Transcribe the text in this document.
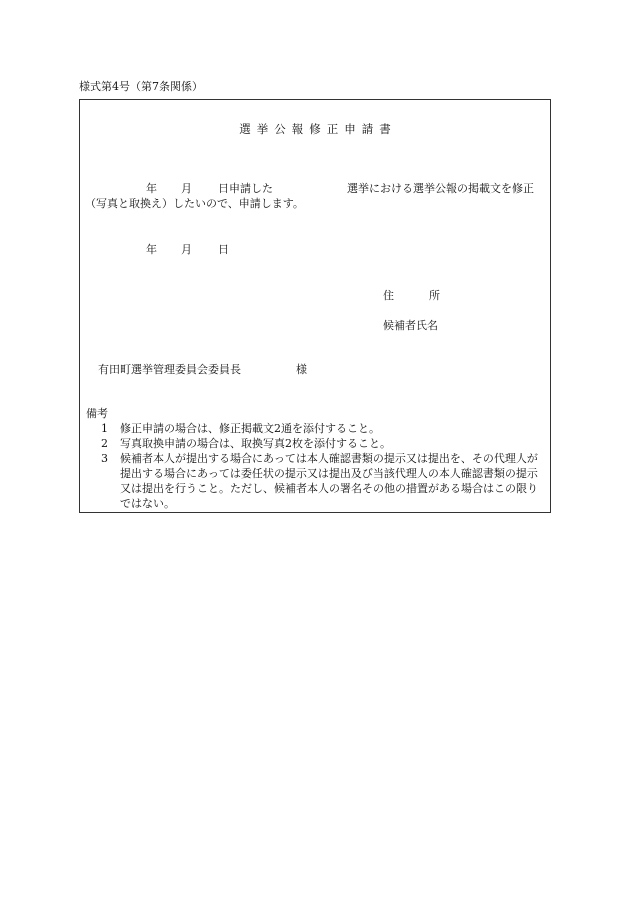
様式第4号（第7条関係）
選挙公報修正申請書
年 月 日申請した	選挙における選挙公報の掲載文を修正
（写真と取換え）したいので、申請します。
年 月 日
住	所
候補者氏名
有田町選挙管理委員会委員長	様
備考
1	修正申請の場合は、修正掲載文2通を添付すること。
2	写真取換申請の場合は、取換写真2枚を添付すること。
3	候補者本人が提出する場合にあっては本人確認書類の提示又は提出を、その代理人が提出する場合にあっては委任状の提示又は提出及び当該代理人の本人確認書類の提示又は提出を行うこと。ただし、候補者本人の署名その他の措置がある場合はこの限りではない。
